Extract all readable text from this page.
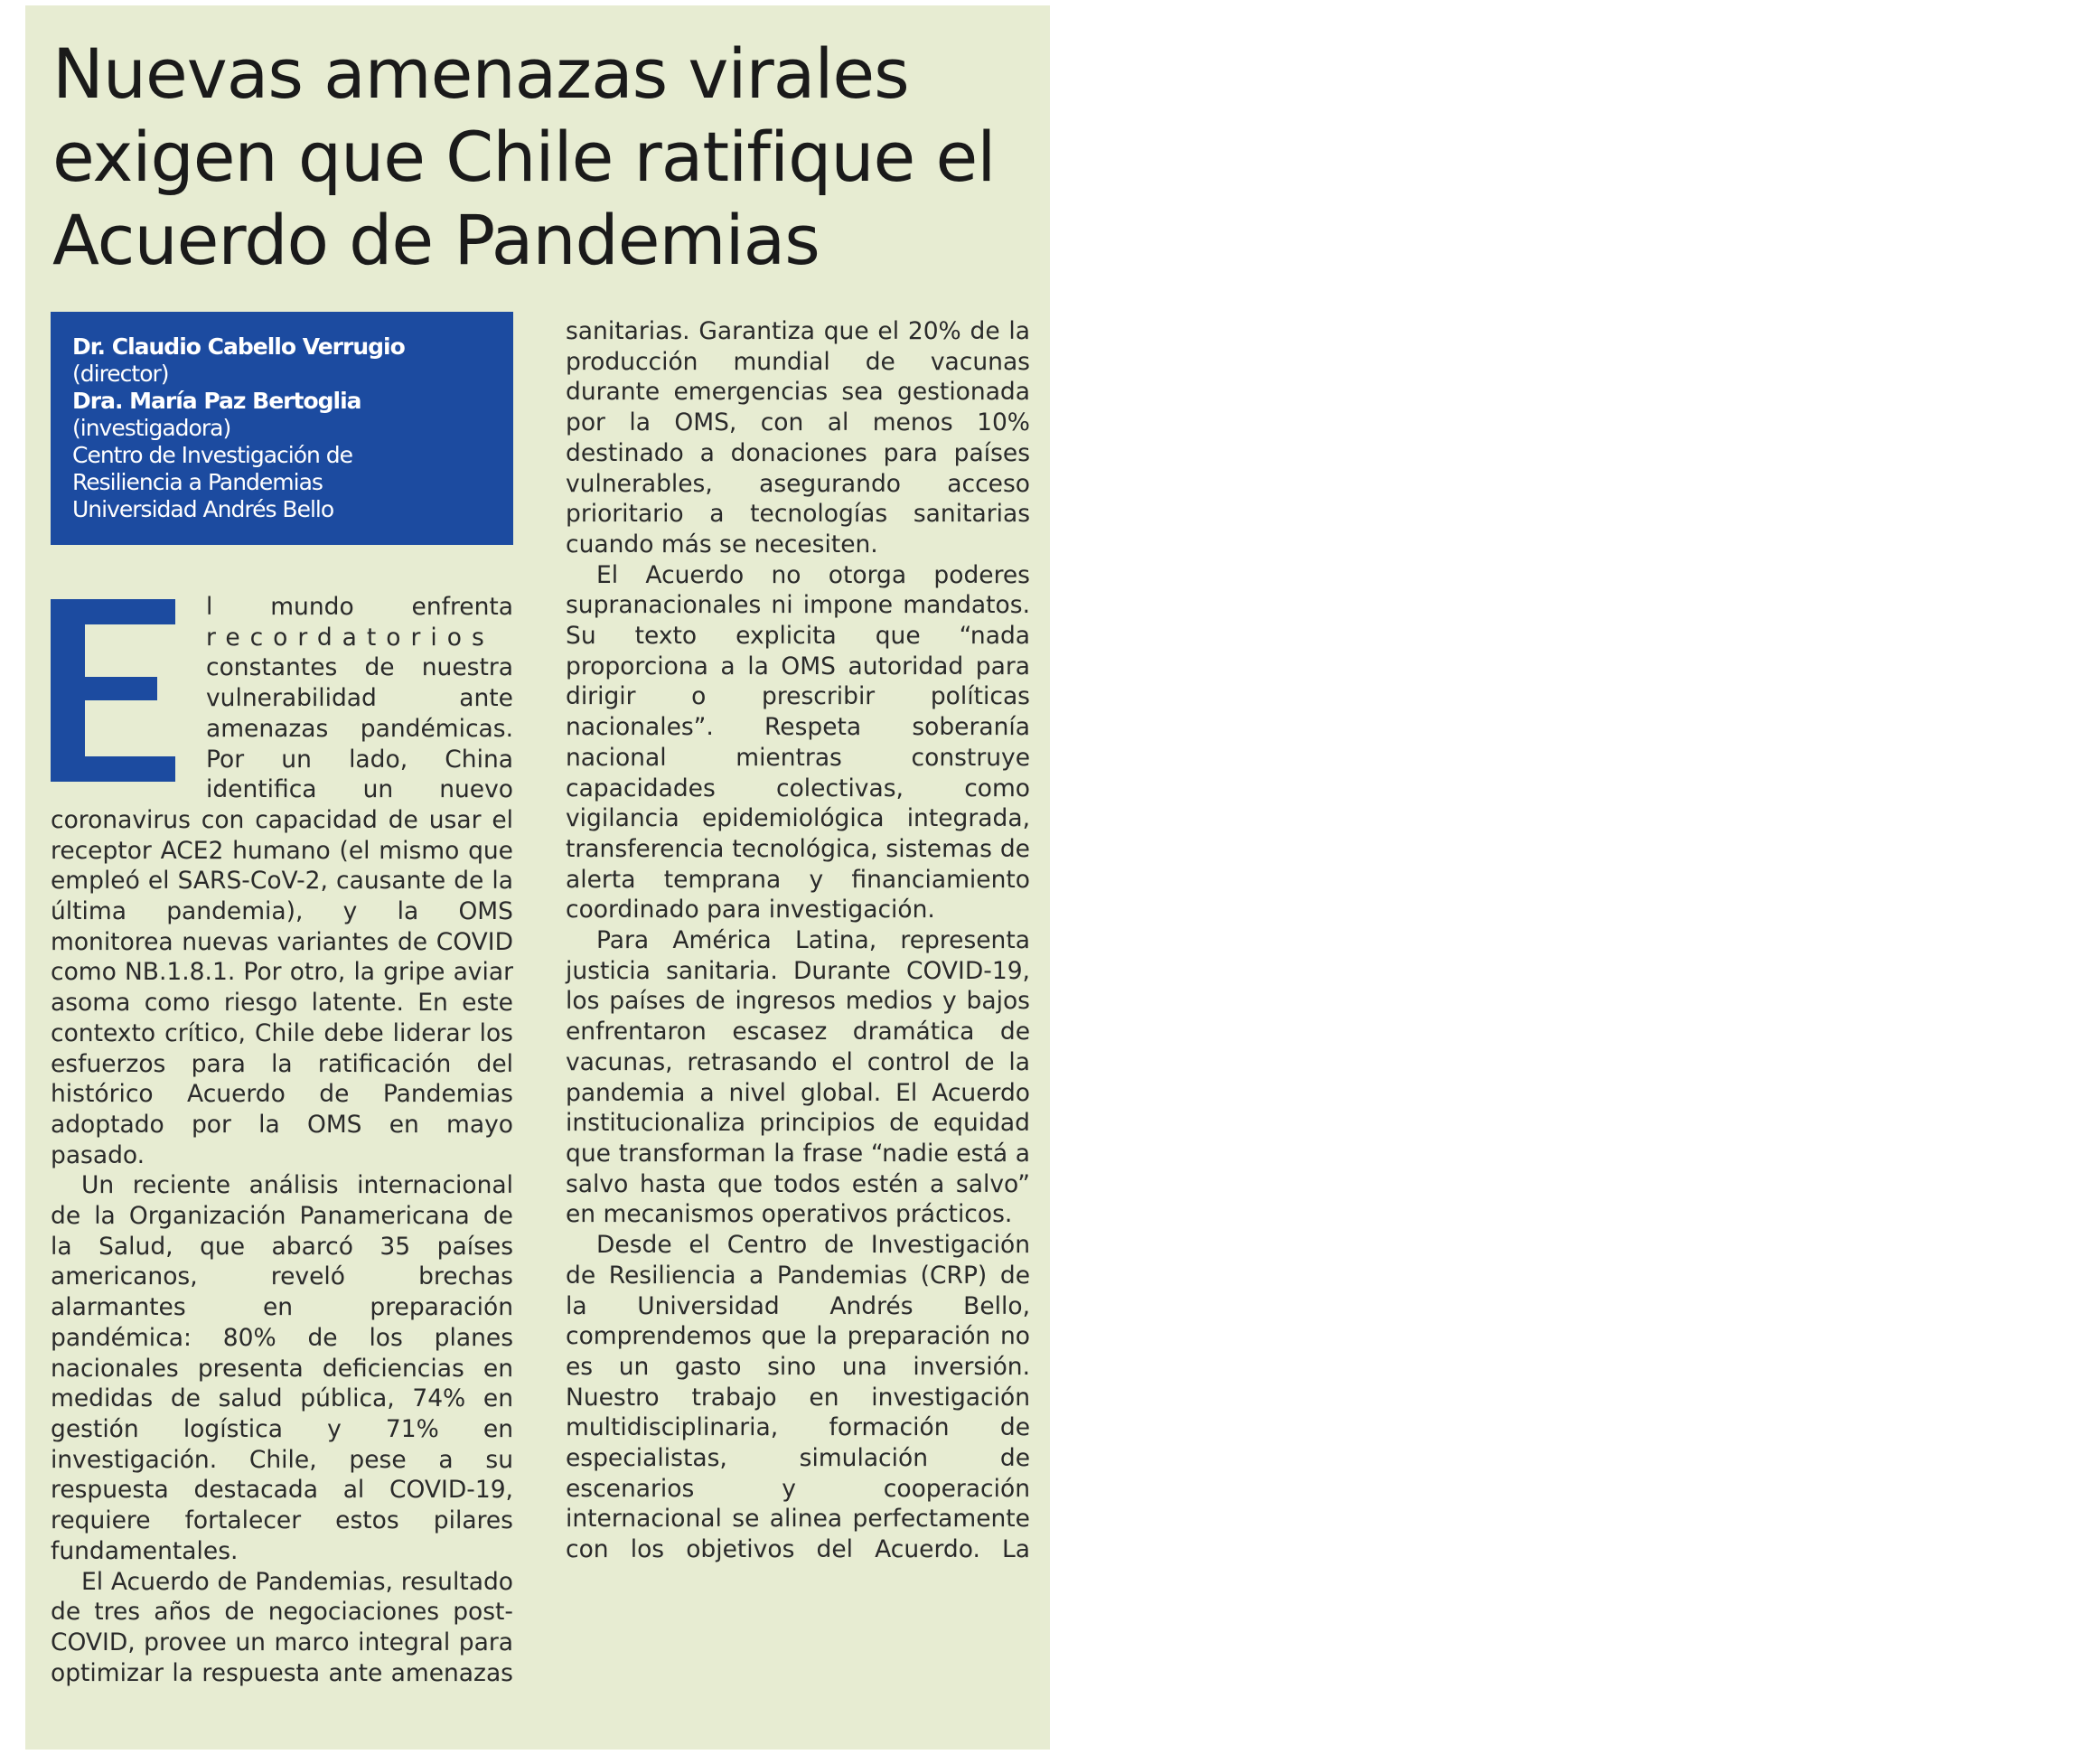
Nuevas amenazas virales exigen que Chile ratifique el Acuerdo de Pandemias
Dr. Claudio Cabello Verrugio
(director)
Dra. María Paz Bertoglia
(investigadora)
Centro de Investigación de
Resiliencia a Pandemias
Universidad Andrés Bello

l mundo enfrenta
recordatorios
constantes de nuestra vulnerabilidad ante amenazas pandémicas. Por un lado, China identifica un nuevo coronavirus con capacidad de usar el receptor ACE2 humano (el mismo que empleó el SARS-CoV-2, causante de la última pandemia), y la OMS monitorea nuevas variantes de COVID como NB.1.8.1. Por otro, la gripe aviar asoma como riesgo latente. En este contexto crítico, Chile debe liderar los esfuerzos para la ratificación del histórico Acuerdo de Pandemias adoptado por la OMS en mayo pasado.

Un reciente análisis internacional de la Organización Panamericana de la Salud, que abarcó 35 países americanos, reveló brechas alarmantes en preparación pandémica: 80% de los planes nacionales presenta deficiencias en medidas de salud pública, 74% en gestión logística y 71% en investigación. Chile, pese a su respuesta destacada al COVID-19, requiere fortalecer estos pilares fundamentales.

El Acuerdo de Pandemias, resultado de tres años de negociaciones post-COVID, provee un marco integral para optimizar la respuesta ante amenazas

sanitarias. Garantiza que el 20% de la producción mundial de vacunas durante emergencias sea gestionada por la OMS, con al menos 10% destinado a donaciones para países vulnerables, asegurando acceso prioritario a tecnologías sanitarias cuando más se necesiten.

El Acuerdo no otorga poderes supranacionales ni impone mandatos. Su texto explicita que “nada proporciona a la OMS autoridad para dirigir o prescribir políticas nacionales”. Respeta soberanía nacional mientras construye capacidades colectivas, como vigilancia epidemiológica integrada, transferencia tecnológica, sistemas de alerta temprana y financiamiento coordinado para investigación.

Para América Latina, representa justicia sanitaria. Durante COVID-19, los países de ingresos medios y bajos enfrentaron escasez dramática de vacunas, retrasando el control de la pandemia a nivel global. El Acuerdo institucionaliza principios de equidad que transforman la frase “nadie está a salvo hasta que todos estén a salvo” en mecanismos operativos prácticos.

Desde el Centro de Investigación de Resiliencia a Pandemias (CRP) de la Universidad Andrés Bello, comprendemos que la preparación no es un gasto sino una inversión. Nuestro trabajo en investigación multidisciplinaria, formación de especialistas, simulación de escenarios y cooperación internacional se alinea perfectamente con los objetivos del Acuerdo. La
